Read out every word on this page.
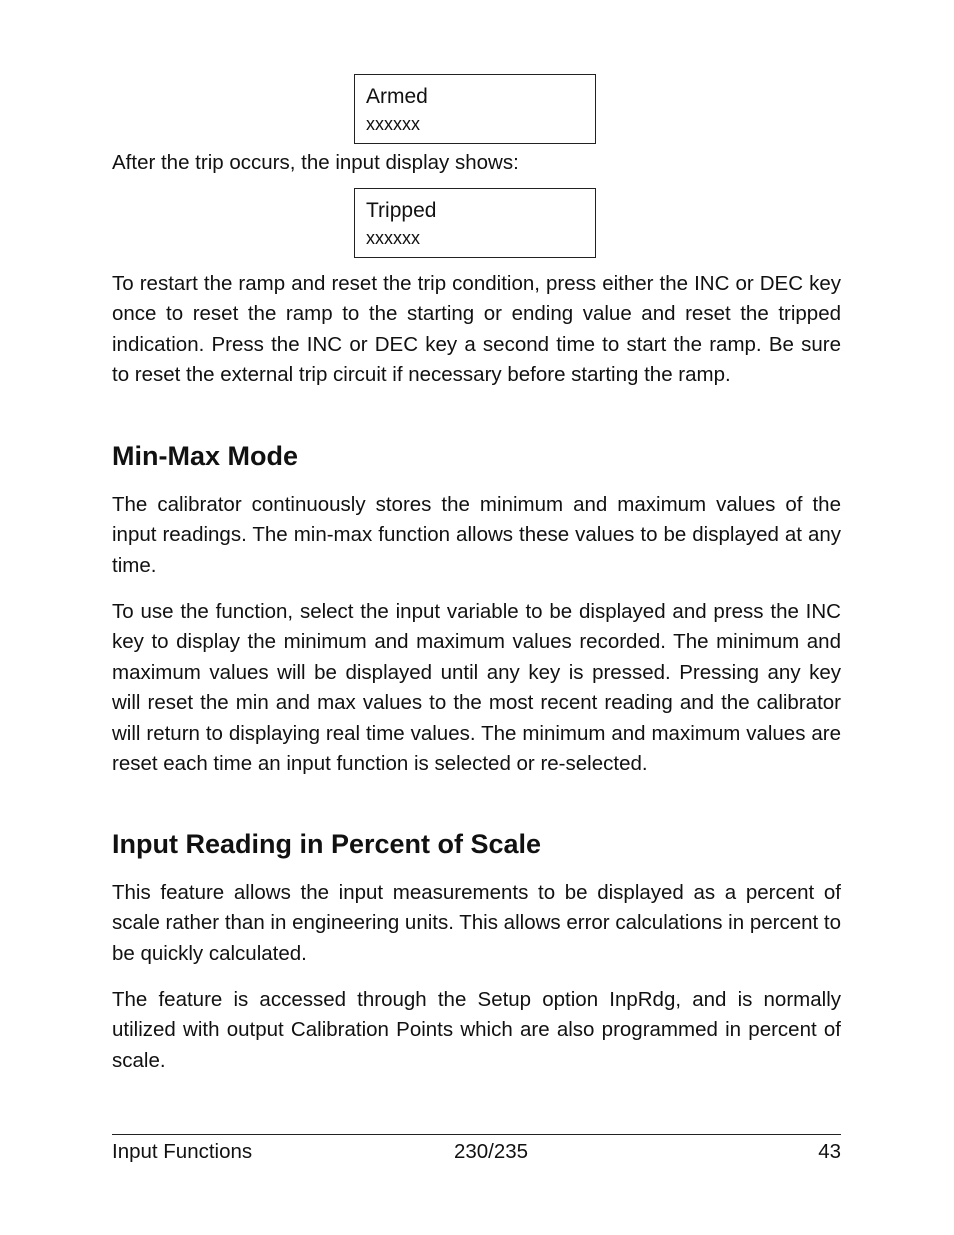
Armed
xxxxxx

After the trip occurs, the input display shows:

Tripped
xxxxxx

To restart the ramp and reset the trip condition, press either the INC or DEC key once to reset the ramp to the starting or ending value and reset the tripped indication. Press the INC or DEC key a second time to start the ramp. Be sure to reset the external trip circuit if necessary before starting the ramp.

Min-Max Mode

The calibrator continuously stores the minimum and maximum values of the input readings. The min-max function allows these values to be displayed at any time.

To use the function, select the input variable to be displayed and press the INC key to display the minimum and maximum values recorded. The minimum and maximum values will be displayed until any key is pressed. Pressing any key will reset the min and max values to the most recent reading and the calibrator will return to displaying real time values. The minimum and maximum values are reset each time an input function is selected or re-selected.

Input Reading in Percent of Scale

This feature allows the input measurements to be displayed as a percent of scale rather than in engineering units. This allows error calculations in percent to be quickly calculated.

The feature is accessed through the Setup option InpRdg, and is normally utilized with output Calibration Points which are also programmed in percent of scale.

Input Functions	230/235	43
